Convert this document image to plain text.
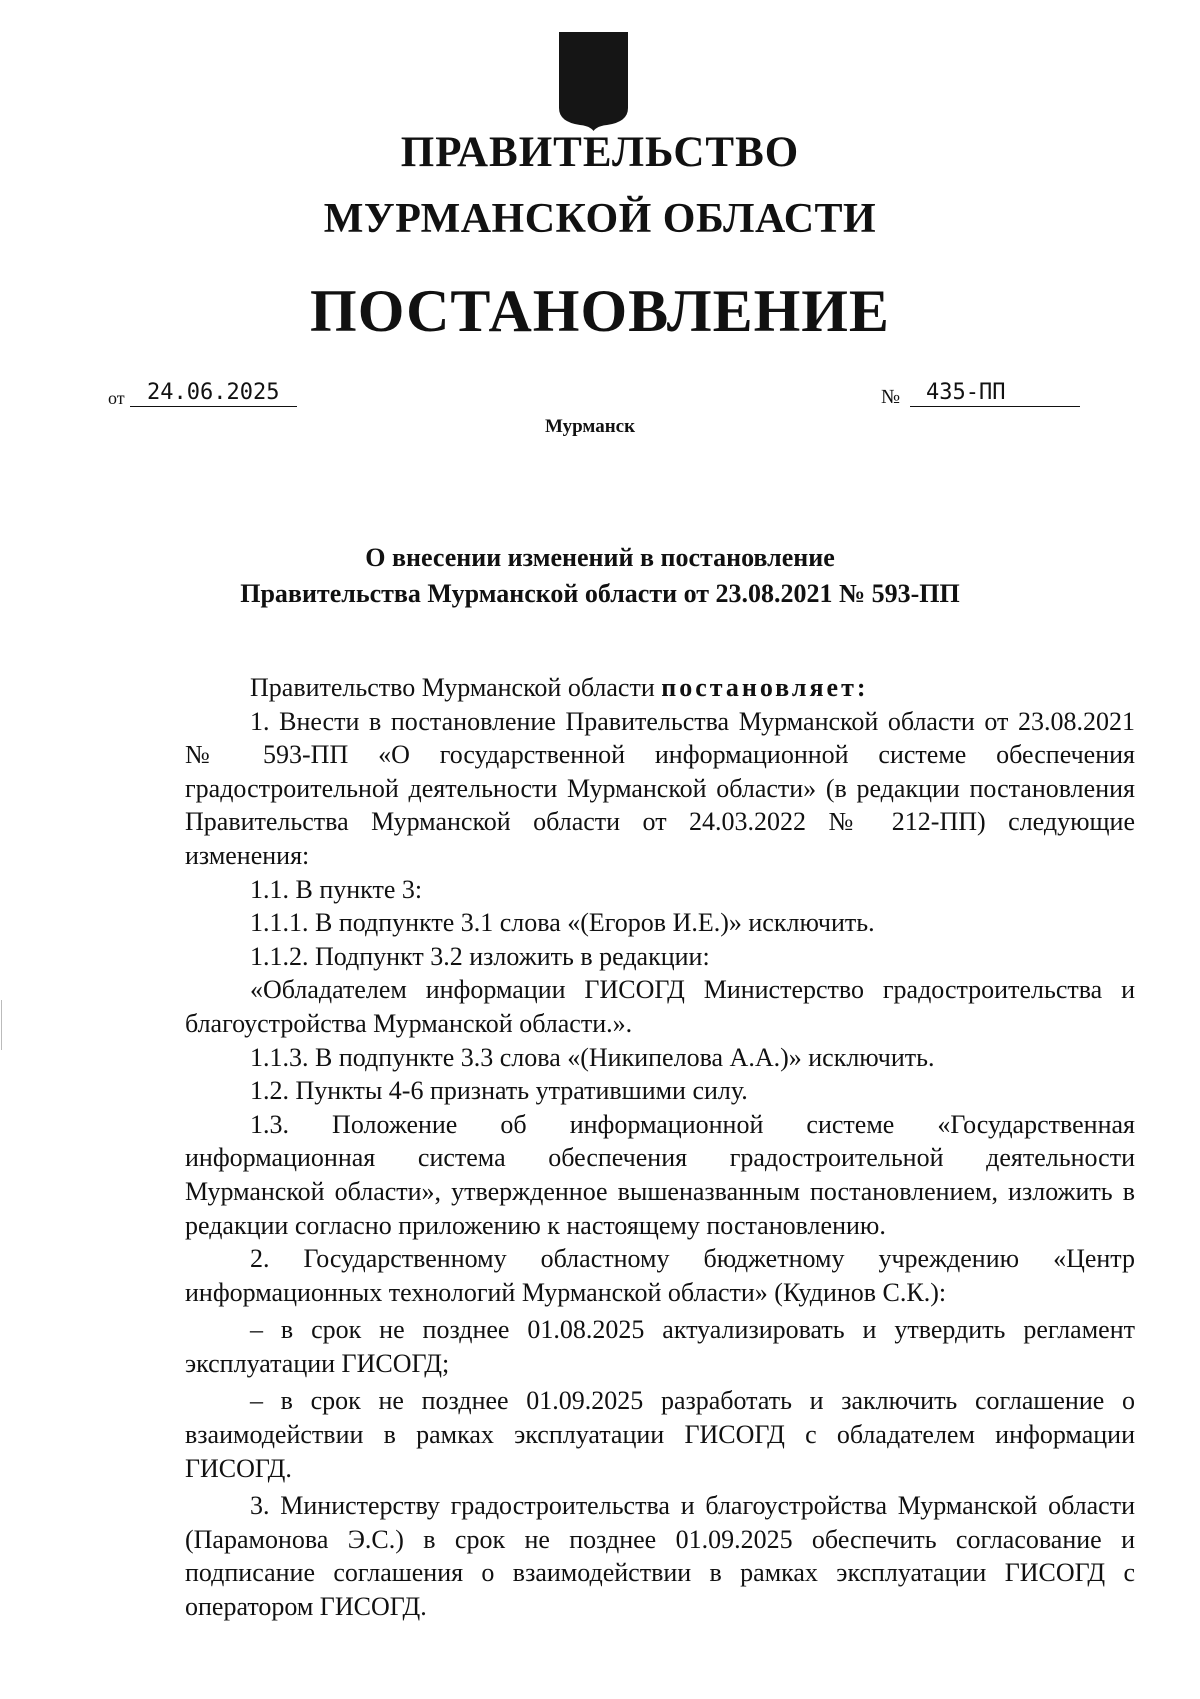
ПРАВИТЕЛЬСТВО
МУРМАНСКОЙ ОБЛАСТИ
ПОСТАНОВЛЕНИЕ
от	24.06.2025	№	435-ПП
Мурманск
О внесении изменений в постановление
Правительства Мурманской области от 23.08.2021 № 593-ПП

Правительство Мурманской области постановляет:

1. Внести в постановление Правительства Мурманской области от 23.08.2021 № 593-ПП «О государственной информационной системе обеспечения градостроительной деятельности Мурманской области» (в редакции постановления Правительства Мурманской области от 24.03.2022 № 212-ПП) следующие изменения:

1.1. В пункте 3:

1.1.1. В подпункте 3.1 слова «(Егоров И.Е.)» исключить.

1.1.2. Подпункт 3.2 изложить в редакции:

«Обладателем информации ГИСОГД Министерство градостроительства и благоустройства Мурманской области.».

1.1.3. В подпункте 3.3 слова «(Никипелова А.А.)» исключить.

1.2. Пункты 4-6 признать утратившими силу.

1.3. Положение об информационной системе «Государственная информационная система обеспечения градостроительной деятельности Мурманской области», утвержденное вышеназванным постановлением, изложить в редакции согласно приложению к настоящему постановлению.

2. Государственному областному бюджетному учреждению «Центр информационных технологий Мурманской области» (Кудинов С.К.):

– в срок не позднее 01.08.2025 актуализировать и утвердить регламент эксплуатации ГИСОГД;

– в срок не позднее 01.09.2025 разработать и заключить соглашение о взаимодействии в рамках эксплуатации ГИСОГД с обладателем информации ГИСОГД.

3. Министерству градостроительства и благоустройства Мурманской области (Парамонова Э.С.) в срок не позднее 01.09.2025 обеспечить согласование и подписание соглашения о взаимодействии в рамках эксплуатации ГИСОГД с оператором ГИСОГД.
